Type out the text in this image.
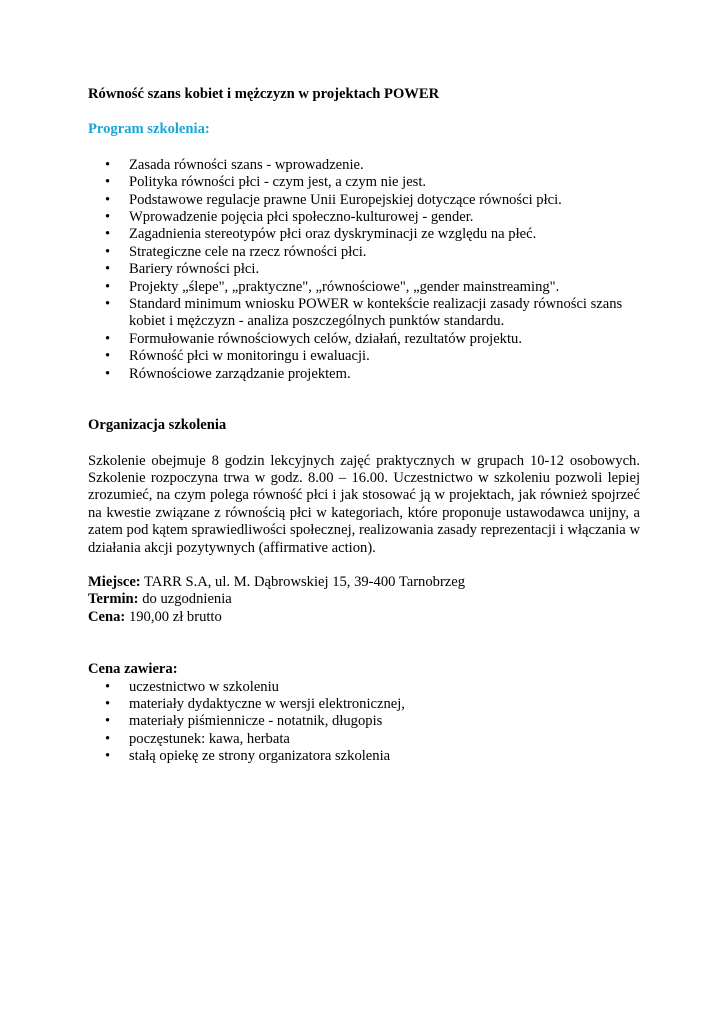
Równość szans kobiet i mężczyzn w projektach POWER
Program szkolenia:
• Zasada równości szans - wprowadzenie.
• Polityka równości płci - czym jest, a czym nie jest.
• Podstawowe regulacje prawne Unii Europejskiej dotyczące równości płci.
• Wprowadzenie pojęcia płci społeczno-kulturowej - gender.
• Zagadnienia stereotypów płci oraz dyskryminacji ze względu na płeć.
• Strategiczne cele na rzecz równości płci.
• Bariery równości płci.
• Projekty „ślepe", „praktyczne", „równościowe", „gender mainstreaming".
• Standard minimum wniosku POWER w kontekście realizacji zasady równości szans kobiet i mężczyzn - analiza poszczególnych punktów standardu.
• Formułowanie równościowych celów, działań, rezultatów projektu.
• Równość płci w monitoringu i ewaluacji.
• Równościowe zarządzanie projektem.

Organizacja szkolenia

Szkolenie obejmuje 8 godzin lekcyjnych zajęć praktycznych w grupach 10-12 osobowych. Szkolenie rozpoczyna trwa w godz. 8.00 – 16.00. Uczestnictwo w szkoleniu pozwoli lepiej zrozumieć, na czym polega równość płci i jak stosować ją w projektach, jak również spojrzeć na kwestie związane z równością płci w kategoriach, które proponuje ustawodawca unijny, a zatem pod kątem sprawiedliwości społecznej, realizowania zasady reprezentacji i włączania w działania akcji pozytywnych (affirmative action).

Miejsce: TARR S.A, ul. M. Dąbrowskiej 15, 39-400 Tarnobrzeg

Termin: do uzgodnienia

Cena: 190,00 zł brutto

Cena zawiera:

• uczestnictwo w szkoleniu
• materiały dydaktyczne w wersji elektronicznej,
• materiały piśmiennicze - notatnik, długopis
• poczęstunek: kawa, herbata
• stałą opiekę ze strony organizatora szkolenia
